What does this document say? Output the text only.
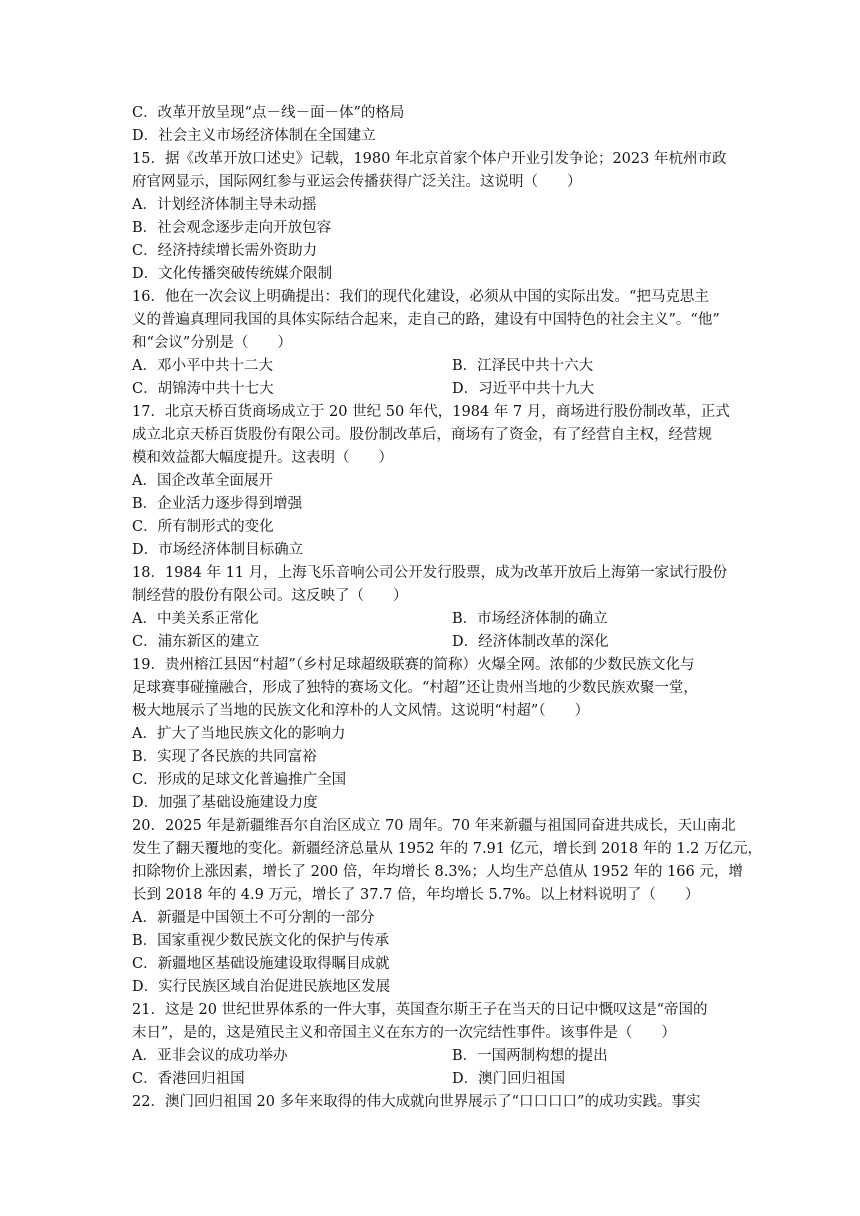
C．改革开放呈现“点－线－面－体”的格局
D．社会主义市场经济体制在全国建立
15．据《改革开放口述史》记载，1980 年北京首家个体户开业引发争论；2023 年杭州市政
府官网显示，国际网红参与亚运会传播获得广泛关注。这说明（　　）
A．计划经济体制主导未动摇
B．社会观念逐步走向开放包容
C．经济持续增长需外资助力
D．文化传播突破传统媒介限制
16．他在一次会议上明确提出：我们的现代化建设，必须从中国的实际出发。“把马克思主
义的普遍真理同我国的具体实际结合起来，走自己的路，建设有中国特色的社会主义”。“他”
和“会议”分别是（　　）
A．邓小平中共十二大	B．江泽民中共十六大
C．胡锦涛中共十七大	D．习近平中共十九大
17．北京天桥百货商场成立于 20 世纪 50 年代，1984 年 7 月，商场进行股份制改革，正式
成立北京天桥百货股份有限公司。股份制改革后，商场有了资金，有了经营自主权，经营规
模和效益都大幅度提升。这表明（　　）
A．国企改革全面展开
B．企业活力逐步得到增强
C．所有制形式的变化
D．市场经济体制目标确立
18．1984 年 11 月，上海飞乐音响公司公开发行股票，成为改革开放后上海第一家试行股份
制经营的股份有限公司。这反映了（　　）
A．中美关系正常化	B．市场经济体制的确立
C．浦东新区的建立	D．经济体制改革的深化
19．贵州榕江县因“村超”（乡村足球超级联赛的简称）火爆全网。浓郁的少数民族文化与
足球赛事碰撞融合，形成了独特的赛场文化。“村超”还让贵州当地的少数民族欢聚一堂，
极大地展示了当地的民族文化和淳朴的人文风情。这说明“村超”（　　）
A．扩大了当地民族文化的影响力
B．实现了各民族的共同富裕
C．形成的足球文化普遍推广全国
D．加强了基础设施建设力度
20．2025 年是新疆维吾尔自治区成立 70 周年。70 年来新疆与祖国同奋进共成长，天山南北
发生了翻天覆地的变化。新疆经济总量从 1952 年的 7.91 亿元，增长到 2018 年的 1.2 万亿元，
扣除物价上涨因素，增长了 200 倍，年均增长 8.3%；人均生产总值从 1952 年的 166 元，增
长到 2018 年的 4.9 万元，增长了 37.7 倍，年均增长 5.7%。以上材料说明了（　　）
A．新疆是中国领土不可分割的一部分
B．国家重视少数民族文化的保护与传承
C．新疆地区基础设施建设取得瞩目成就
D．实行民族区域自治促进民族地区发展
21．这是 20 世纪世界体系的一件大事，英国查尔斯王子在当天的日记中慨叹这是“帝国的
末日”，是的，这是殖民主义和帝国主义在东方的一次完结性事件。该事件是（　　）
A．亚非会议的成功举办	B．一国两制构想的提出
C．香港回归祖国	D．澳门回归祖国
22．澳门回归祖国 20 多年来取得的伟大成就向世界展示了“口口口口”的成功实践。事实
